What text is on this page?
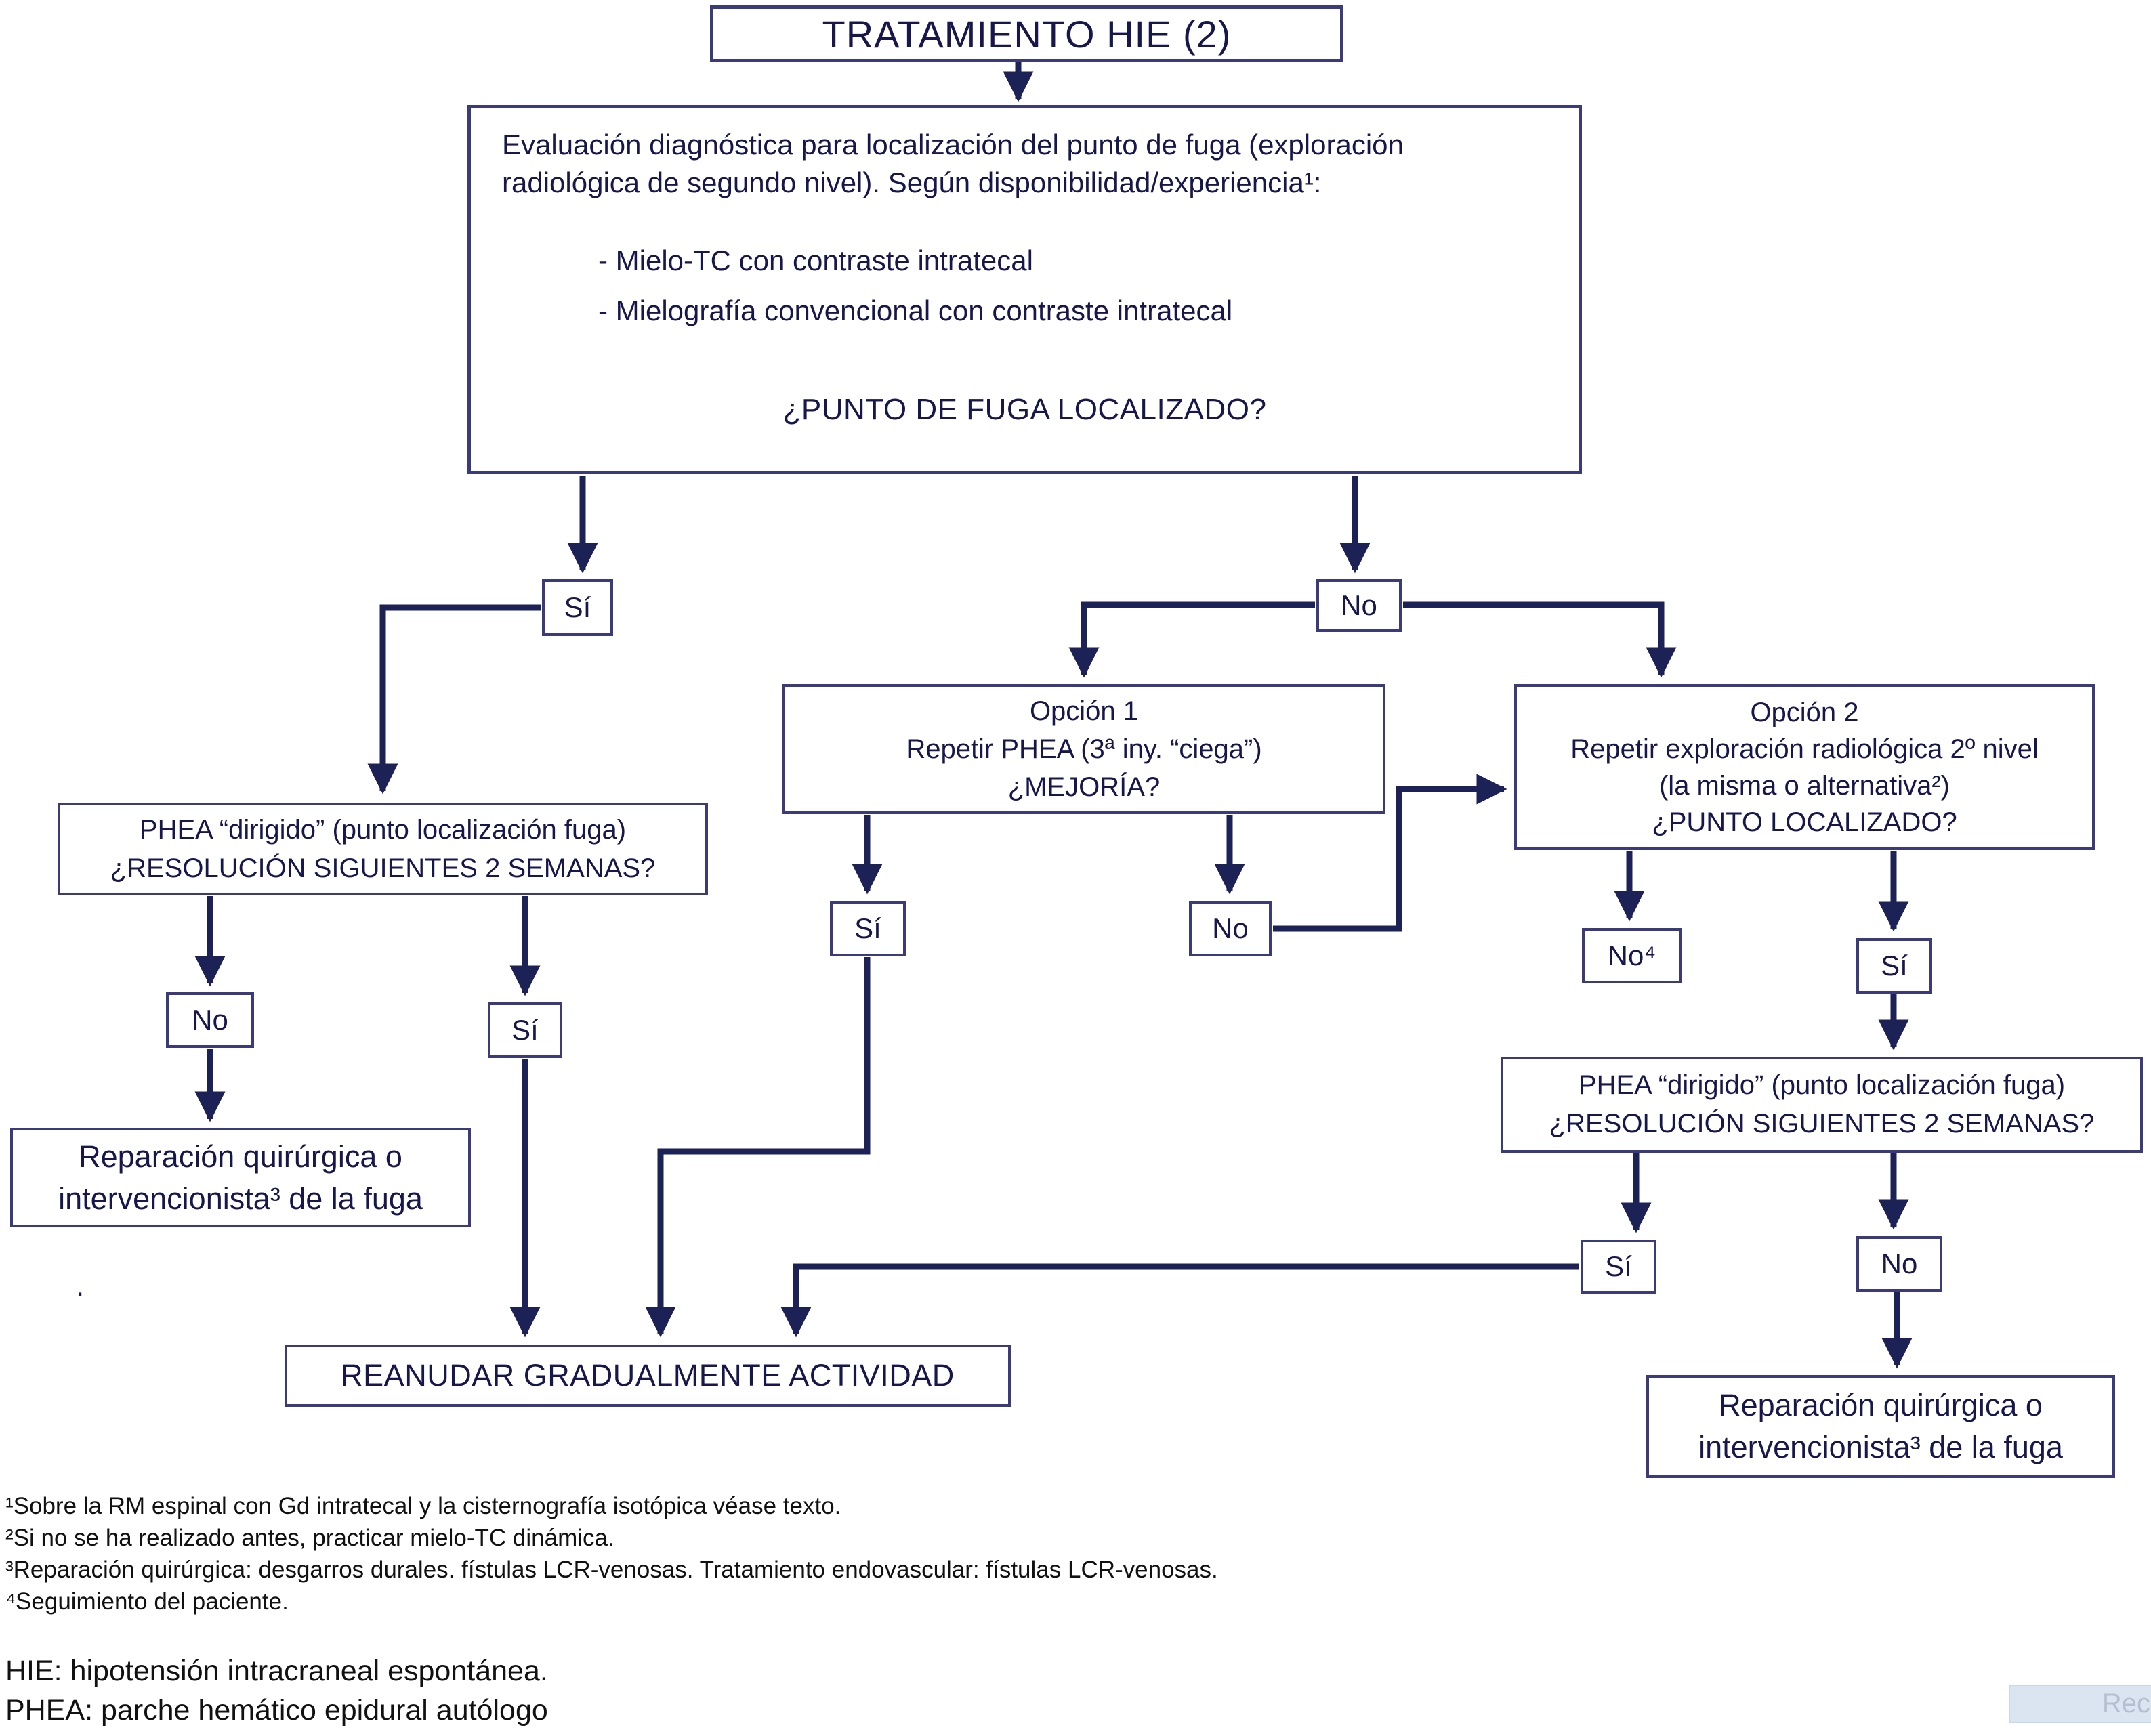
TRATAMIENTO HIE (2)
Evaluación diagnóstica para localización del punto de fuga (exploración
radiológica de segundo nivel). Según disponibilidad/experiencia¹:
- Mielo-TC con contraste intratecal
- Mielografía convencional con contraste intratecal
¿PUNTO DE FUGA LOCALIZADO?
Sí	No
PHEA “dirigido” (punto localización fuga)
¿RESOLUCIÓN SIGUIENTES 2 SEMANAS?
No	Sí
Reparación quirúrgica o
intervencionista³ de la fuga
Opción 1
Repetir PHEA (3ª iny. “ciega”)
¿MEJORÍA?
Opción 2
Repetir exploración radiológica 2º nivel
(la misma o alternativa²)
¿PUNTO LOCALIZADO?
Sí	No
No⁴	Sí
PHEA “dirigido” (punto localización fuga)
¿RESOLUCIÓN SIGUIENTES 2 SEMANAS?
Sí	No
Reparación quirúrgica o
intervencionista³ de la fuga
REANUDAR GRADUALMENTE ACTIVIDAD
.
¹Sobre la RM espinal con Gd intratecal y la cisternografía isotópica véase texto.
²Si no se ha realizado antes, practicar mielo-TC dinámica.
³Reparación quirúrgica: desgarros durales. fístulas LCR-venosas. Tratamiento endovascular: fístulas LCR-venosas.
⁴Seguimiento del paciente.
HIE: hipotensión intracraneal espontánea.
PHEA: parche hemático epidural autólogo	Rec
